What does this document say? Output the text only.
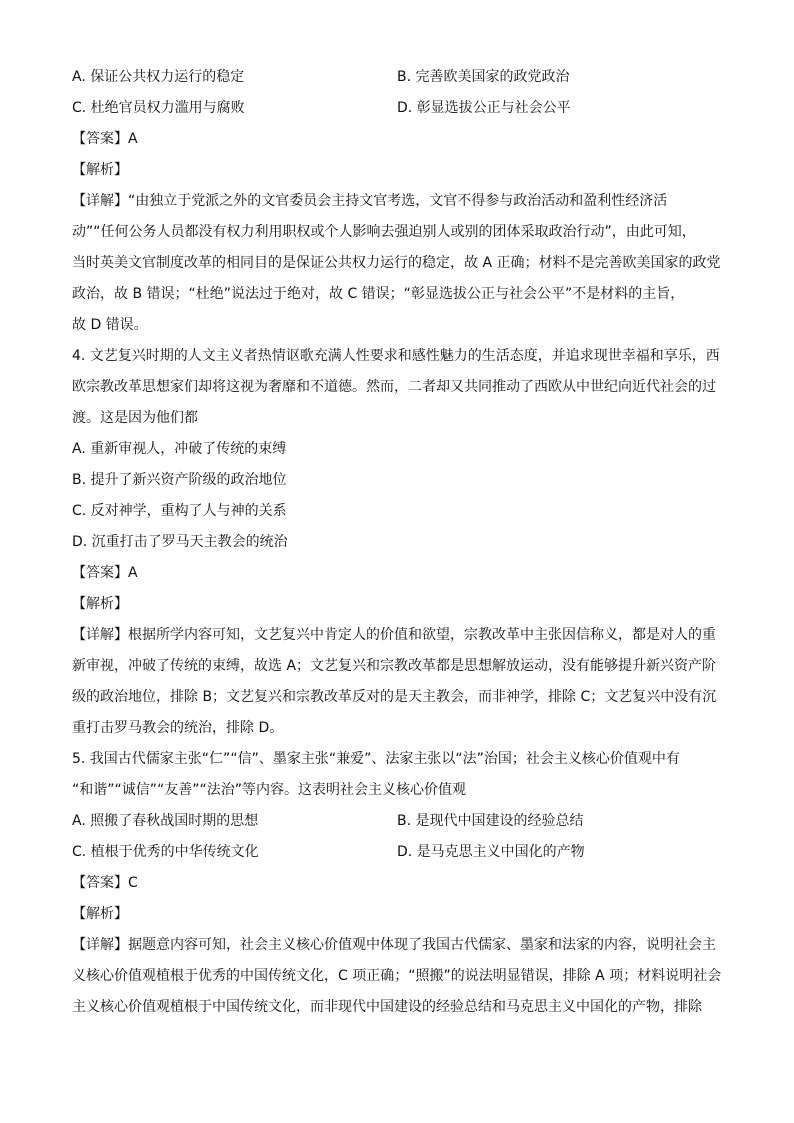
A. 保证公共权力运行的稳定	B. 完善欧美国家的政党政治
C. 杜绝官员权力滥用与腐败	D. 彰显选拔公正与社会公平
【答案】A
【解析】
【详解】“由独立于党派之外的文官委员会主持文官考选，文官不得参与政治活动和盈利性经济活
动”“任何公务人员都没有权力利用职权或个人影响去强迫别人或别的团体采取政治行动”，由此可知，
当时英美文官制度改革的相同目的是保证公共权力运行的稳定，故 A 正确；材料不是完善欧美国家的政党
政治，故 B 错误；“杜绝”说法过于绝对，故 C 错误；“彰显选拔公正与社会公平”不是材料的主旨，
故 D 错误。
4. 文艺复兴时期的人文主义者热情讴歌充满人性要求和感性魅力的生活态度，并追求现世幸福和享乐，西
欧宗教改革思想家们却将这视为奢靡和不道德。然而，二者却又共同推动了西欧从中世纪向近代社会的过
渡。这是因为他们都
A. 重新审视人，冲破了传统的束缚
B. 提升了新兴资产阶级的政治地位
C. 反对神学，重构了人与神的关系
D. 沉重打击了罗马天主教会的统治
【答案】A
【解析】
【详解】根据所学内容可知，文艺复兴中肯定人的价值和欲望，宗教改革中主张因信称义，都是对人的重
新审视，冲破了传统的束缚，故选 A；文艺复兴和宗教改革都是思想解放运动，没有能够提升新兴资产阶
级的政治地位，排除 B；文艺复兴和宗教改革反对的是天主教会，而非神学，排除 C；文艺复兴中没有沉
重打击罗马教会的统治，排除 D。
5. 我国古代儒家主张“仁”“信”、墨家主张“兼爱”、法家主张以“法”治国；社会主义核心价值观中有
“和谐”“诚信”“友善”“法治”等内容。这表明社会主义核心价值观
A. 照搬了春秋战国时期的思想	B. 是现代中国建设的经验总结
C. 植根于优秀的中华传统文化	D. 是马克思主义中国化的产物
【答案】C
【解析】
【详解】据题意内容可知，社会主义核心价值观中体现了我国古代儒家、墨家和法家的内容，说明社会主
义核心价值观植根于优秀的中国传统文化，C 项正确；“照搬”的说法明显错误，排除 A 项；材料说明社会
主义核心价值观植根于中国传统文化，而非现代中国建设的经验总结和马克思主义中国化的产物，排除
